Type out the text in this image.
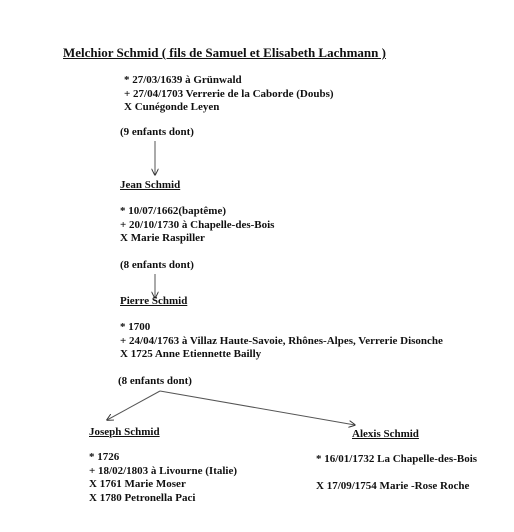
Melchior Schmid ( fils de Samuel et Elisabeth Lachmann )
* 27/03/1639 à Grünwald
+ 27/04/1703 Verrerie de la Caborde (Doubs)
X Cunégonde Leyen
(9 enfants dont)
Jean Schmid
* 10/07/1662(baptême)
+ 20/10/1730 à Chapelle-des-Bois
X Marie Raspiller
(8 enfants dont)
Pierre Schmid
* 1700
+ 24/04/1763 à Villaz Haute-Savoie, Rhônes-Alpes, Verrerie Disonche
X 1725 Anne Etiennette Bailly
(8 enfants dont)
Joseph Schmid
* 1726
+ 18/02/1803 à Livourne (Italie)
X 1761 Marie Moser
X 1780 Petronella Paci
Alexis Schmid
* 16/01/1732 La Chapelle-des-Bois
X 17/09/1754 Marie -Rose Roche
